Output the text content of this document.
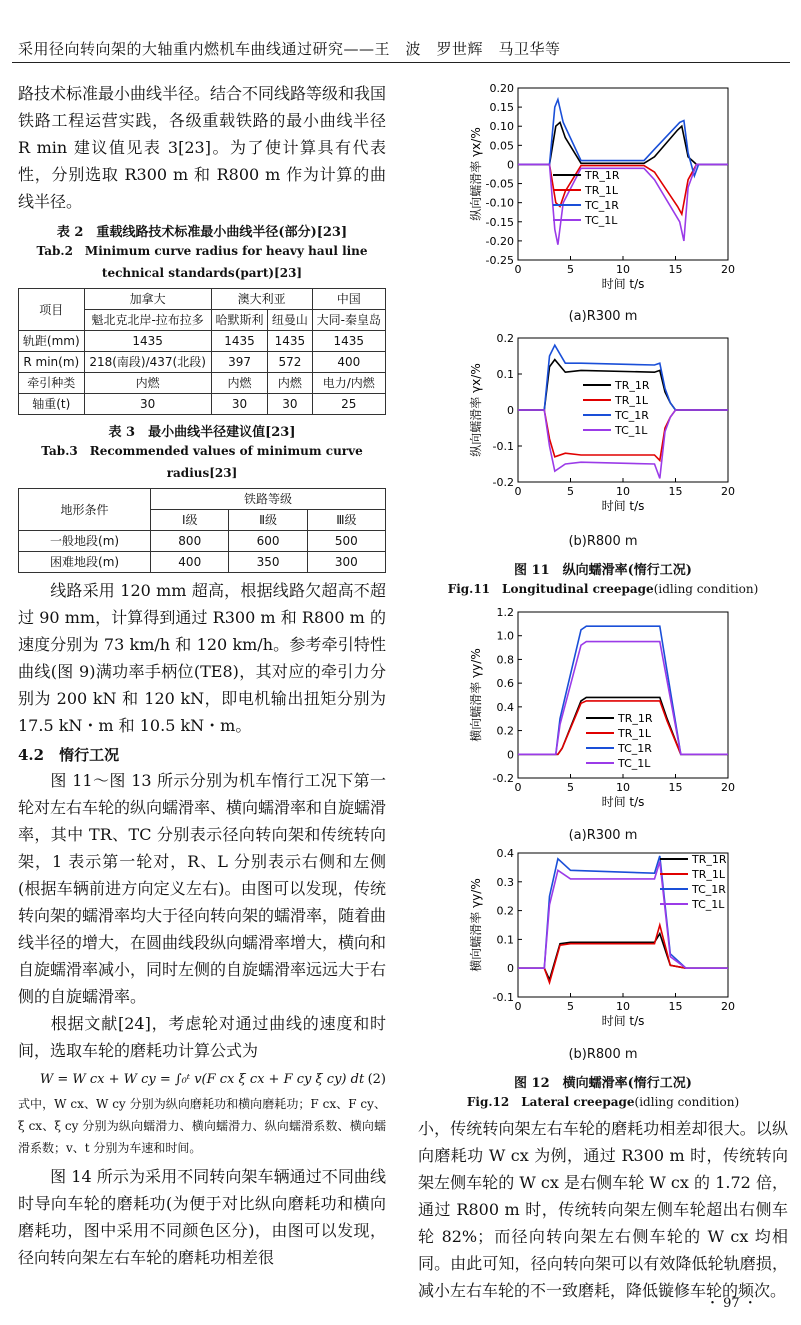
采用径向转向架的大轴重内燃机车曲线通过研究——王　波　罗世辉　马卫华等

路技术标准最小曲线半径。结合不同线路等级和我国铁路工程运营实践，各级重载铁路的最小曲线半径 R min 建议值见表 3[23]。为了使计算具有代表性，分别选取 R300 m 和 R800 m 作为计算的曲线半径。

表 2　重载线路技术标准最小曲线半径(部分)[23]
Tab.2　Minimum curve radius for heavy haul line
technical standards(part)[23]
项目	加拿大	澳大利亚		中国
	魁北克北岸-拉布拉多	哈默斯利	纽曼山	大同-秦皇岛
轨距(mm)	1435	1435	1435	1435
R min(m)	218(南段)/437(北段)	397	572	400
牵引种类	内燃	内燃	内燃	电力/内燃
轴重(t)	30	30	30	25
表 3　最小曲线半径建议值[23]
Tab.3　Recommended values of minimum curve radius[23]
地形条件	铁路等级		
	Ⅰ级	Ⅱ级	Ⅲ级
一般地段(m)	800	600	500
困难地段(m)	400	350	300

线路采用 120 mm 超高，根据线路欠超高不超过 90 mm，计算得到通过 R300 m 和 R800 m 的速度分别为 73 km/h 和 120 km/h。参考牵引特性曲线(图 9)满功率手柄位(TE8)，其对应的牵引力分别为 200 kN 和 120 kN，即电机输出扭矩分别为 17.5 kN・m 和 10.5 kN・m。

4.2　惰行工况

图 11～图 13 所示分别为机车惰行工况下第一轮对左右车轮的纵向蠕滑率、横向蠕滑率和自旋蠕滑率，其中 TR、TC 分别表示径向转向架和传统转向架，1 表示第一轮对，R、L 分别表示右侧和左侧(根据车辆前进方向定义左右)。由图可以发现，传统转向架的蠕滑率均大于径向转向架的蠕滑率，随着曲线半径的增大，在圆曲线段纵向蠕滑率增大，横向和自旋蠕滑率减小，同时左侧的自旋蠕滑率远远大于右侧的自旋蠕滑率。

根据文献[24]，考虑轮对通过曲线的速度和时间，选取车轮的磨耗功计算公式为

W = W cx + W cy = ∫₀ᵗ v(F cx ξ cx + F cy ξ cy) dt (2)

式中，W cx、W cy 分别为纵向磨耗功和横向磨耗功；F cx、F cy、ξ cx、ξ cy 分别为纵向蠕滑力、横向蠕滑力、纵向蠕滑系数、横向蠕滑系数；v、t 分别为车速和时间。

图 14 所示为采用不同转向架车辆通过不同曲线时导向车轮的磨耗功(为便于对比纵向磨耗功和横向磨耗功，图中采用不同颜色区分)，由图可以发现，径向转向架左右车轮的磨耗功相差很

-0.25
-0.20
-0.15
-0.10
-0.05
0
0.05
0.10
0.15
0.20
0	5	10	15	20
时间 t/s
纵向蠕滑率 γx/%	TR_1R
TR_1L
TC_1R
TC_1L
(a)R300 m
-0.2
-0.1
0
0.1
0.2
0	5	10	15	20
时间 t/s
纵向蠕滑率 γx/%	TR_1R
TR_1L
TC_1R
TC_1L
(b)R800 m
图 11　纵向蠕滑率(惰行工况)
Fig.11　Longitudinal creepage(idling condition)
-0.2
0
0.2
0.4
0.6
0.8
1.0
1.2
0	5	10	15	20
时间 t/s
横向蠕滑率 γy/%	TR_1R
TR_1L
TC_1R
TC_1L
(a)R300 m
-0.1
0
0.1
0.2
0.3
0.4
0	5	10	15	20
时间 t/s
横向蠕滑率 γy/%
TR_1R
TR_1L
TC_1R
TC_1L
(b)R800 m
图 12　横向蠕滑率(惰行工况)
Fig.12　Lateral creepage(idling condition)

小，传统转向架左右车轮的磨耗功相差却很大。以纵向磨耗功 W cx 为例，通过 R300 m 时，传统转向架左侧车轮的 W cx 是右侧车轮 W cx 的 1.72 倍，通过 R800 m 时，传统转向架左侧车轮超出右侧车轮 82%；而径向转向架左右侧车轮的 W cx 均相同。由此可知，径向转向架可以有效降低轮轨磨损，减小左右车轮的不一致磨耗，降低镟修车轮的频次。

・ 97 ・
